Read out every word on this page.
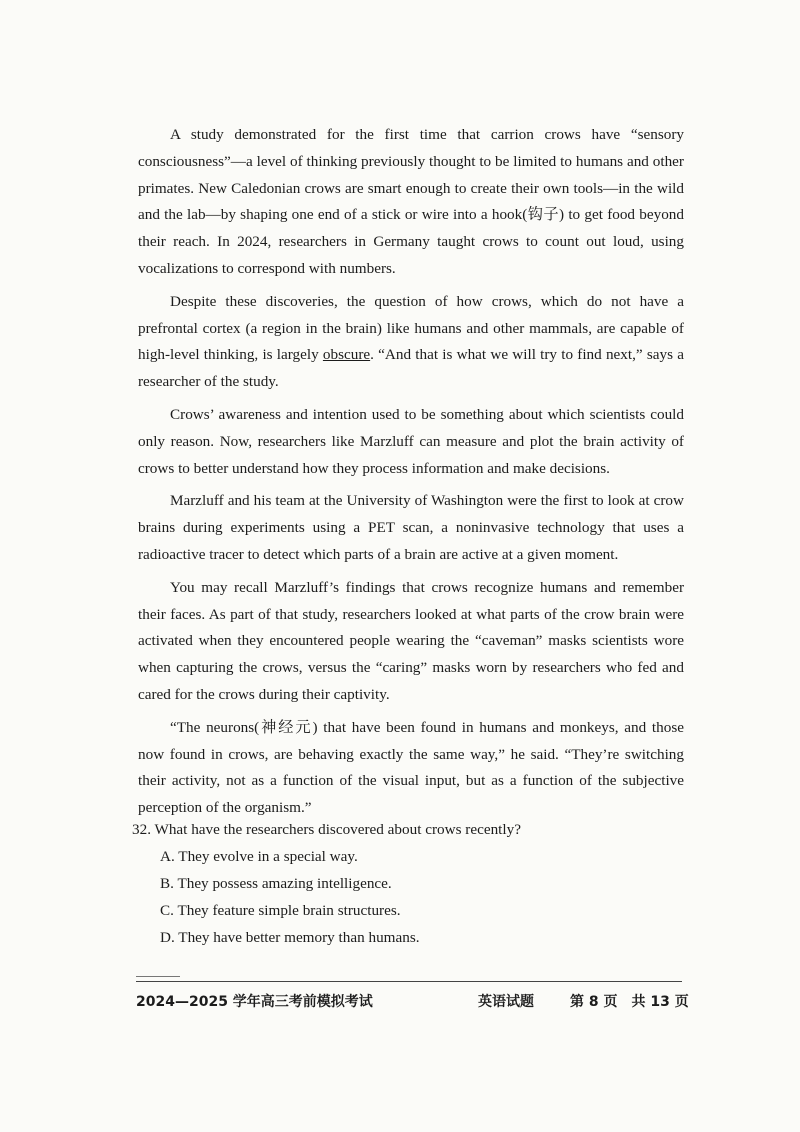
A study demonstrated for the first time that carrion crows have “sensory consciousness”—a level of thinking previously thought to be limited to humans and other primates. New Caledonian crows are smart enough to create their own tools—in the wild and the lab—by shaping one end of a stick or wire into a hook(钩子) to get food beyond their reach. In 2024, researchers in Germany taught crows to count out loud, using vocalizations to correspond with numbers.

Despite these discoveries, the question of how crows, which do not have a prefrontal cortex (a region in the brain) like humans and other mammals, are capable of high-level thinking, is largely obscure. “And that is what we will try to find next,” says a researcher of the study.

Crows’ awareness and intention used to be something about which scientists could only reason. Now, researchers like Marzluff can measure and plot the brain activity of crows to better understand how they process information and make decisions.

Marzluff and his team at the University of Washington were the first to look at crow brains during experiments using a PET scan, a noninvasive technology that uses a radioactive tracer to detect which parts of a brain are active at a given moment.

You may recall Marzluff’s findings that crows recognize humans and remember their faces. As part of that study, researchers looked at what parts of the crow brain were activated when they encountered people wearing the “caveman” masks scientists wore when capturing the crows, versus the “caring” masks worn by researchers who fed and cared for the crows during their captivity.

“The neurons(神经元) that have been found in humans and monkeys, and those now found in crows, are behaving exactly the same way,” he said. “They’re switching their activity, not as a function of the visual input, but as a function of the subjective perception of the organism.”

32. What have the researchers discovered about crows recently?

A. They evolve in a special way.

B. They possess amazing intelligence.

C. They feature simple brain structures.

D. They have better memory than humans.

2024—2025 学年高三考前模拟考试	英语试题	第 8 页　共 13 页
